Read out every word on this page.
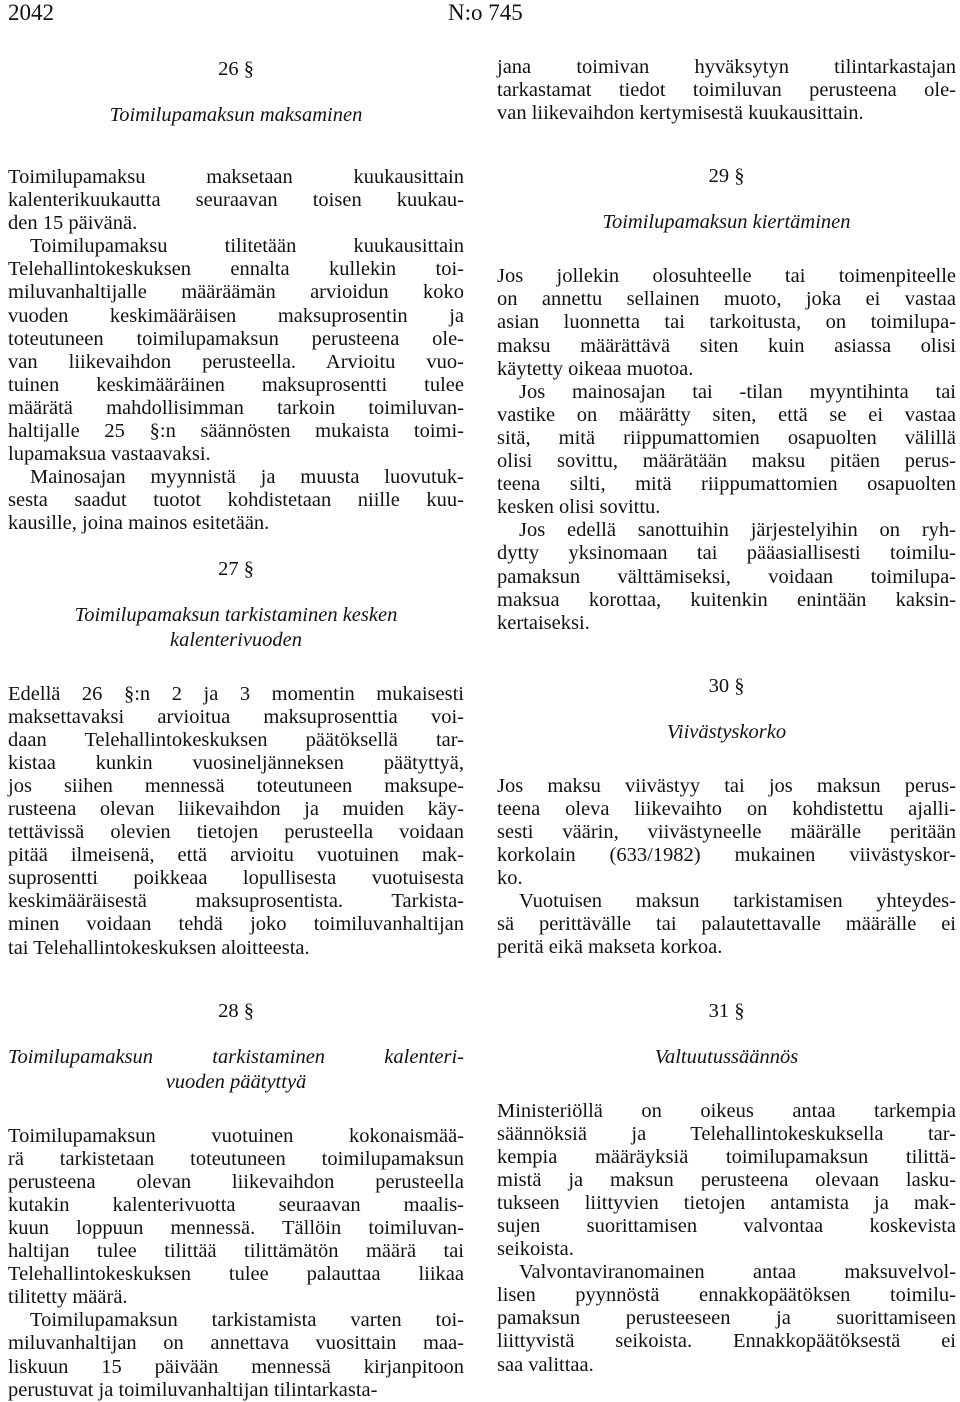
2042	N:o 745

26 §

Toimilupamaksun maksaminen

Toimilupamaksu maksetaan kuukausittain
kalenterikuukautta seuraavan toisen kuukau-
den 15 päivänä.
Toimilupamaksu tilitetään kuukausittain
Telehallintokeskuksen ennalta kullekin toi-
miluvanhaltijalle määräämän arvioidun koko
vuoden keskimääräisen maksuprosentin ja
toteutuneen toimilupamaksun perusteena ole-
van liikevaihdon perusteella. Arvioitu vuo-
tuinen keskimääräinen maksuprosentti tulee
määrätä mahdollisimman tarkoin toimiluvan-
haltijalle 25 §:n säännösten mukaista toimi-
lupamaksua vastaavaksi.
Mainosajan myynnistä ja muusta luovutuk-
sesta saadut tuotot kohdistetaan niille kuu-
kausille, joina mainos esitetään.

27 §

Toimilupamaksun tarkistaminen kesken

kalenterivuoden

Edellä 26 §:n 2 ja 3 momentin mukaisesti
maksettavaksi arvioitua maksuprosenttia voi-
daan Telehallintokeskuksen päätöksellä tar-
kistaa kunkin vuosineljänneksen päätyttyä,
jos siihen mennessä toteutuneen maksupe-
rusteena olevan liikevaihdon ja muiden käy-
tettävissä olevien tietojen perusteella voidaan
pitää ilmeisenä, että arvioitu vuotuinen mak-
suprosentti poikkeaa lopullisesta vuotuisesta
keskimääräisestä maksuprosentista. Tarkista-
minen voidaan tehdä joko toimiluvanhaltijan
tai Telehallintokeskuksen aloitteesta.

28 §

Toimilupamaksun tarkistaminen kalenteri-

vuoden päätyttyä

Toimilupamaksun vuotuinen kokonaismää-
rä tarkistetaan toteutuneen toimilupamaksun
perusteena olevan liikevaihdon perusteella
kutakin kalenterivuotta seuraavan maalis-
kuun loppuun mennessä. Tällöin toimiluvan-
haltijan tulee tilittää tilittämätön määrä tai
Telehallintokeskuksen tulee palauttaa liikaa
tilitetty määrä.
Toimilupamaksun tarkistamista varten toi-
miluvanhaltijan on annettava vuosittain maa-
liskuun 15 päivään mennessä kirjanpitoon
perustuvat ja toimiluvanhaltijan tilintarkasta-
jana toimivan hyväksytyn tilintarkastajan
tarkastamat tiedot toimiluvan perusteena ole-
van liikevaihdon kertymisestä kuukausittain.

29 §

Toimilupamaksun kiertäminen

Jos jollekin olosuhteelle tai toimenpiteelle
on annettu sellainen muoto, joka ei vastaa
asian luonnetta tai tarkoitusta, on toimilupa-
maksu määrättävä siten kuin asiassa olisi
käytetty oikeaa muotoa.
Jos mainosajan tai -tilan myyntihinta tai
vastike on määrätty siten, että se ei vastaa
sitä, mitä riippumattomien osapuolten välillä
olisi sovittu, määrätään maksu pitäen perus-
teena silti, mitä riippumattomien osapuolten
kesken olisi sovittu.
Jos edellä sanottuihin järjestelyihin on ryh-
dytty yksinomaan tai pääasiallisesti toimilu-
pamaksun välttämiseksi, voidaan toimilupa-
maksua korottaa, kuitenkin enintään kaksin-
kertaiseksi.

30 §

Viivästyskorko

Jos maksu viivästyy tai jos maksun perus-
teena oleva liikevaihto on kohdistettu ajalli-
sesti väärin, viivästyneelle määrälle peritään
korkolain (633/1982) mukainen viivästyskor-
ko.
Vuotuisen maksun tarkistamisen yhteydes-
sä perittävälle tai palautettavalle määrälle ei
peritä eikä makseta korkoa.

31 §

Valtuutussäännös

Ministeriöllä on oikeus antaa tarkempia
säännöksiä ja Telehallintokeskuksella tar-
kempia määräyksiä toimilupamaksun tilittä-
mistä ja maksun perusteena olevaan lasku-
tukseen liittyvien tietojen antamista ja mak-
sujen suorittamisen valvontaa koskevista
seikoista.
Valvontaviranomainen antaa maksuvelvol-
lisen pyynnöstä ennakkopäätöksen toimilu-
pamaksun perusteeseen ja suorittamiseen
liittyvistä seikoista. Ennakkopäätöksestä ei
saa valittaa.
